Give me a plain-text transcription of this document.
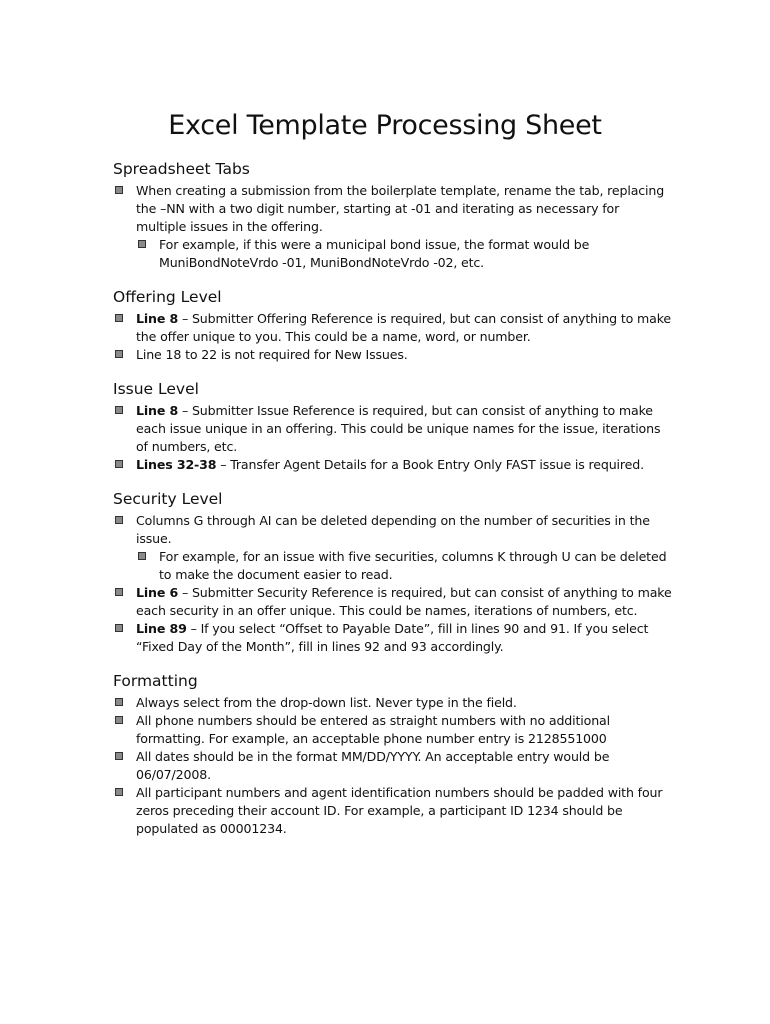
Excel Template Processing Sheet
Spreadsheet Tabs
When creating a submission from the boilerplate template, rename the tab, replacing the –NN with a two digit number, starting at -01 and iterating as necessary for multiple issues in the offering.
For example, if this were a municipal bond issue, the format would be MuniBondNoteVrdo -01, MuniBondNoteVrdo -02, etc.
Offering Level
Line 8 – Submitter Offering Reference is required, but can consist of anything to make the offer unique to you. This could be a name, word, or number.
Line 18 to 22 is not required for New Issues.
Issue Level
Line 8 – Submitter Issue Reference is required, but can consist of anything to make each issue unique in an offering. This could be unique names for the issue, iterations of numbers, etc.
Lines 32-38 – Transfer Agent Details for a Book Entry Only FAST issue is required.
Security Level
Columns G through AI can be deleted depending on the number of securities in the issue.
For example, for an issue with five securities, columns K through U can be deleted to make the document easier to read.
Line 6 – Submitter Security Reference is required, but can consist of anything to make each security in an offer unique. This could be names, iterations of numbers, etc.
Line 89 – If you select “Offset to Payable Date”, fill in lines 90 and 91. If you select “Fixed Day of the Month”, fill in lines 92 and 93 accordingly.
Formatting
Always select from the drop-down list. Never type in the field.
All phone numbers should be entered as straight numbers with no additional formatting. For example, an acceptable phone number entry is 2128551000
All dates should be in the format MM/DD/YYYY. An acceptable entry would be 06/07/2008.
All participant numbers and agent identification numbers should be padded with four zeros preceding their account ID. For example, a participant ID 1234 should be populated as 00001234.
